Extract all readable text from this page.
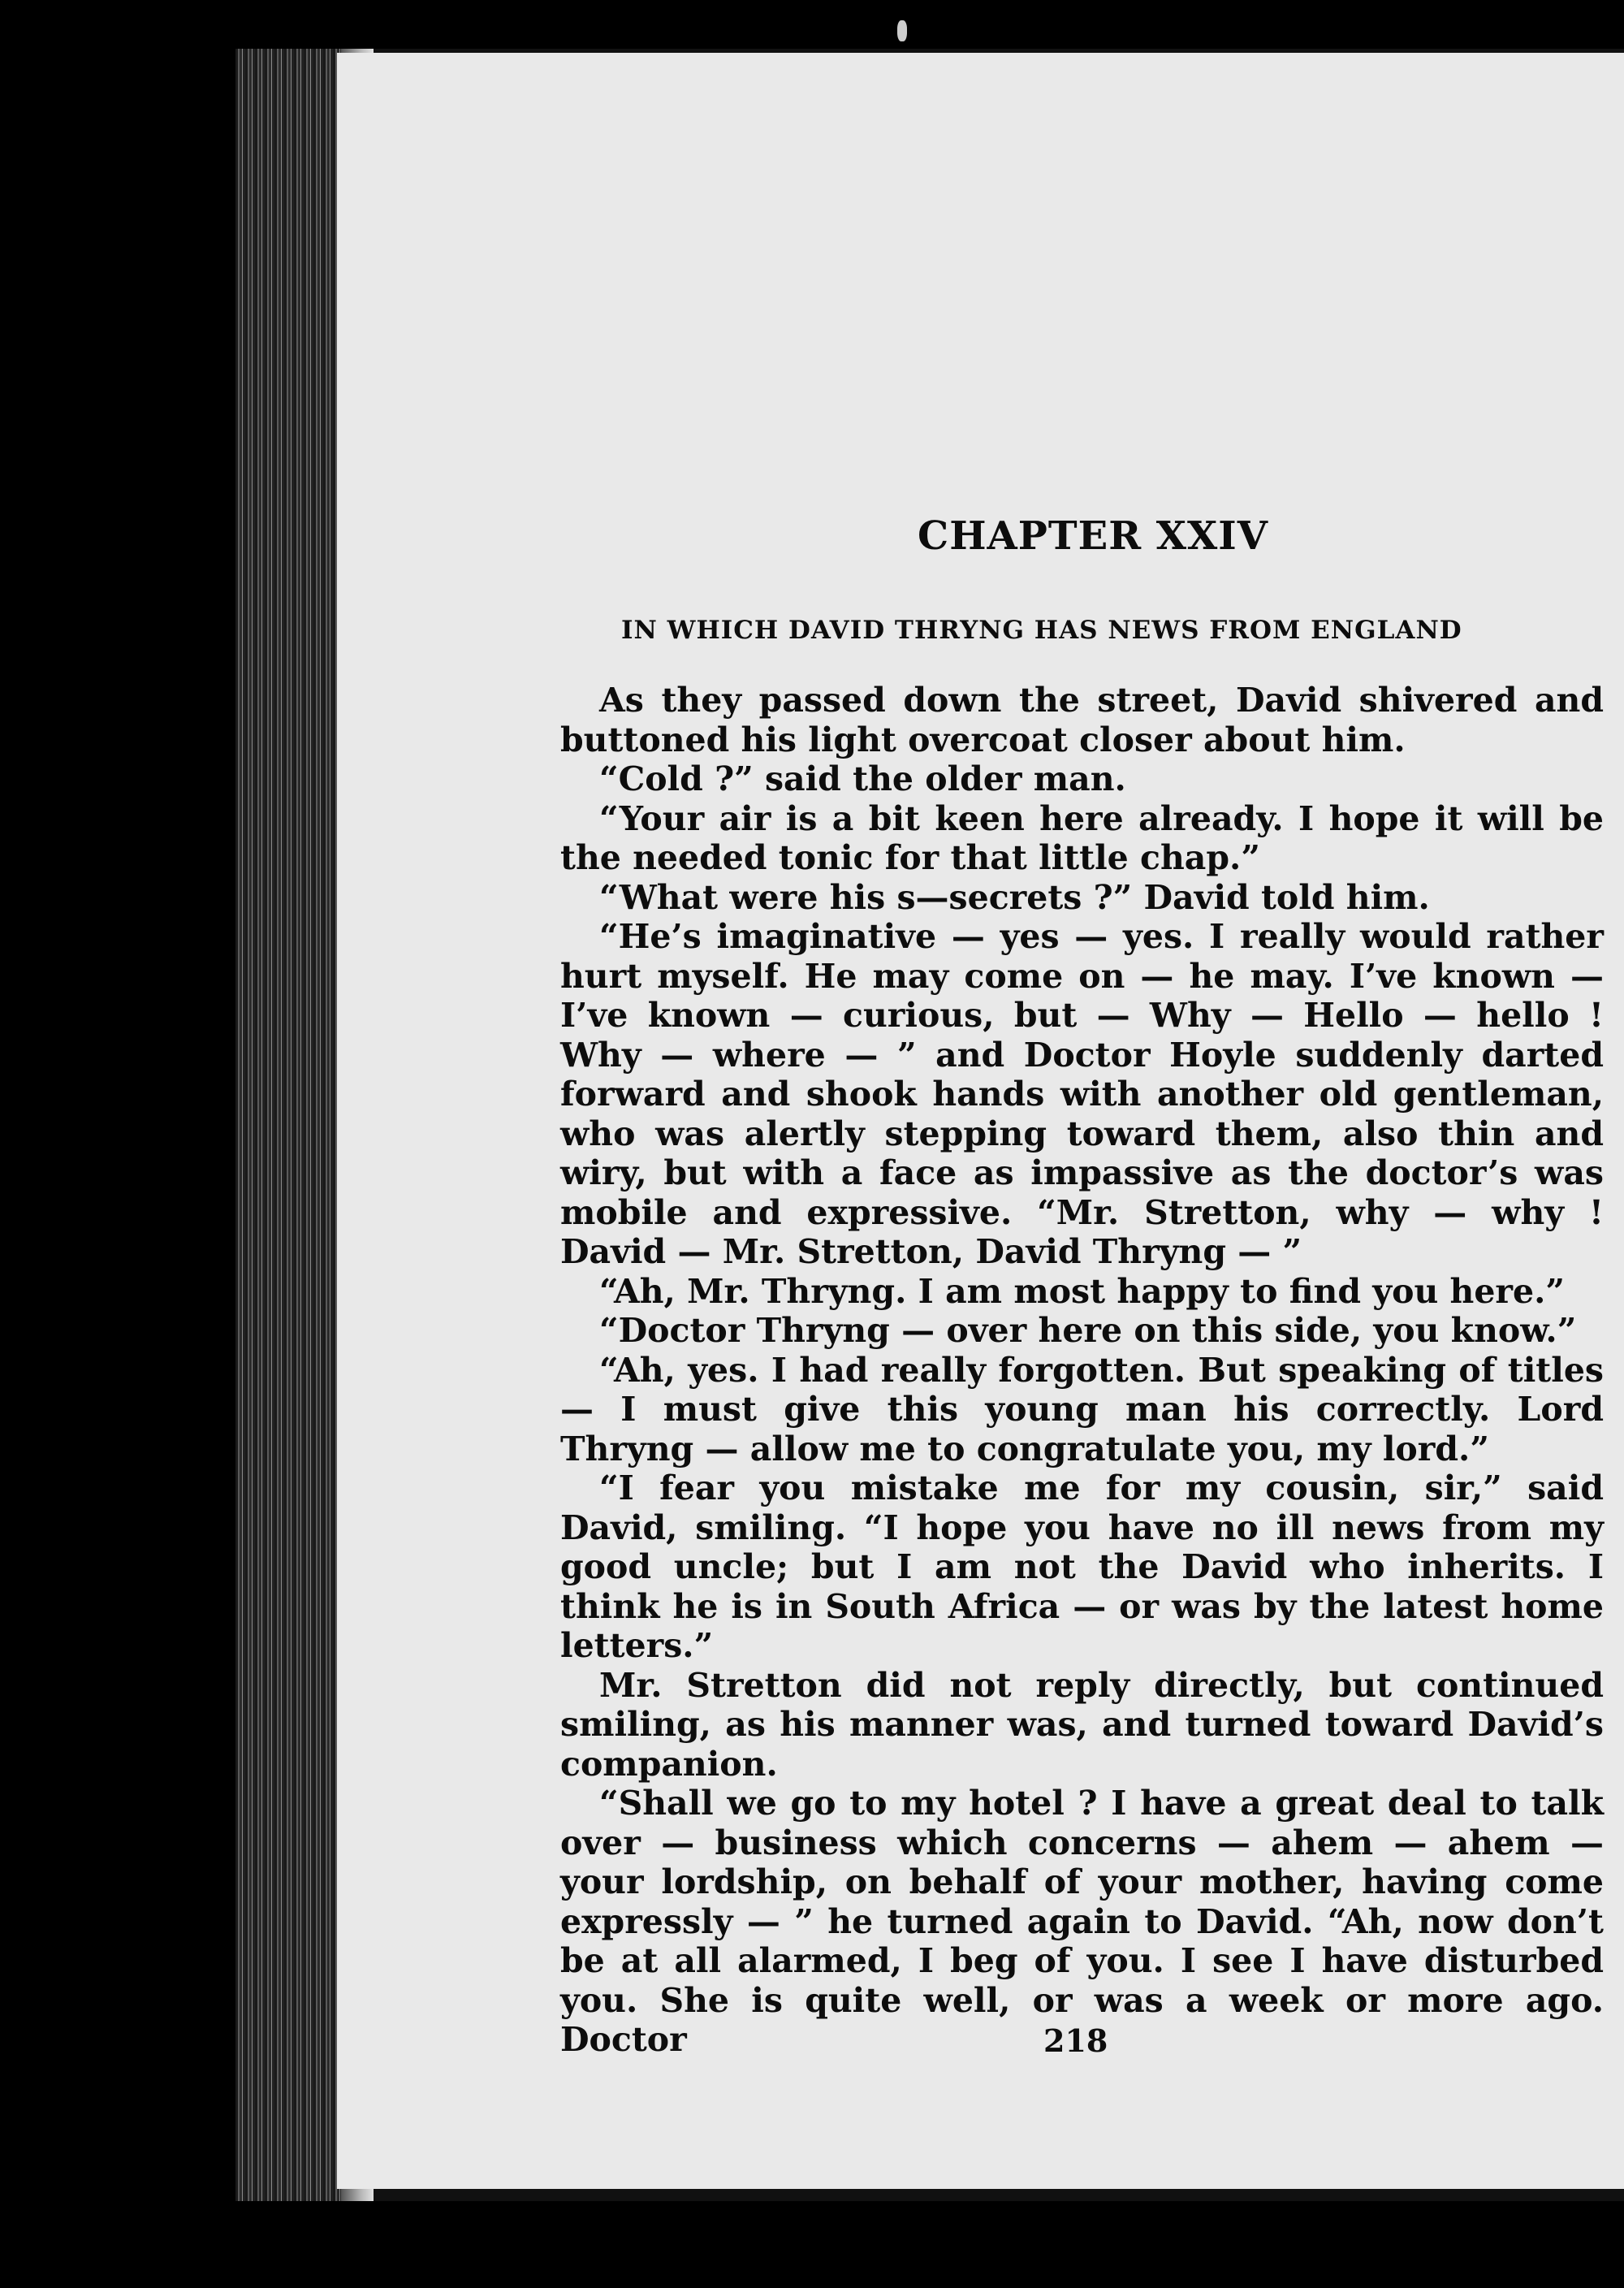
CHAPTER XXIV
IN WHICH DAVID THRYNG HAS NEWS FROM ENGLAND

As they passed down the street, David shivered and buttoned his light overcoat closer about him.

“Cold ?” said the older man.

“Your air is a bit keen here already. I hope it will be the needed tonic for that little chap.”

“What were his s—secrets ?” David told him.

“He’s imaginative — yes — yes. I really would rather hurt myself. He may come on — he may. I’ve known — I’ve known — curious, but — Why — Hello — hello ! Why — where — ” and Doctor Hoyle suddenly darted forward and shook hands with another old gentleman, who was alertly stepping toward them, also thin and wiry, but with a face as impassive as the doctor’s was mobile and expressive. “Mr. Stretton, why — why ! David — Mr. Stretton, David Thryng — ”

“Ah, Mr. Thryng. I am most happy to find you here.”

“Doctor Thryng — over here on this side, you know.”

“Ah, yes. I had really forgotten. But speaking of titles — I must give this young man his correctly. Lord Thryng — allow me to congratulate you, my lord.”

“I fear you mistake me for my cousin, sir,” said David, smiling. “I hope you have no ill news from my good uncle; but I am not the David who inherits. I think he is in South Africa — or was by the latest home letters.”

Mr. Stretton did not reply directly, but continued smiling, as his manner was, and turned toward David’s companion.

“Shall we go to my hotel ? I have a great deal to talk over — business which concerns — ahem — ahem — your lordship, on behalf of your mother, having come expressly — ” he turned again to David. “Ah, now don’t be at all alarmed, I beg of you. I see I have disturbed you. She is quite well, or was a week or more ago. Doctor	218
